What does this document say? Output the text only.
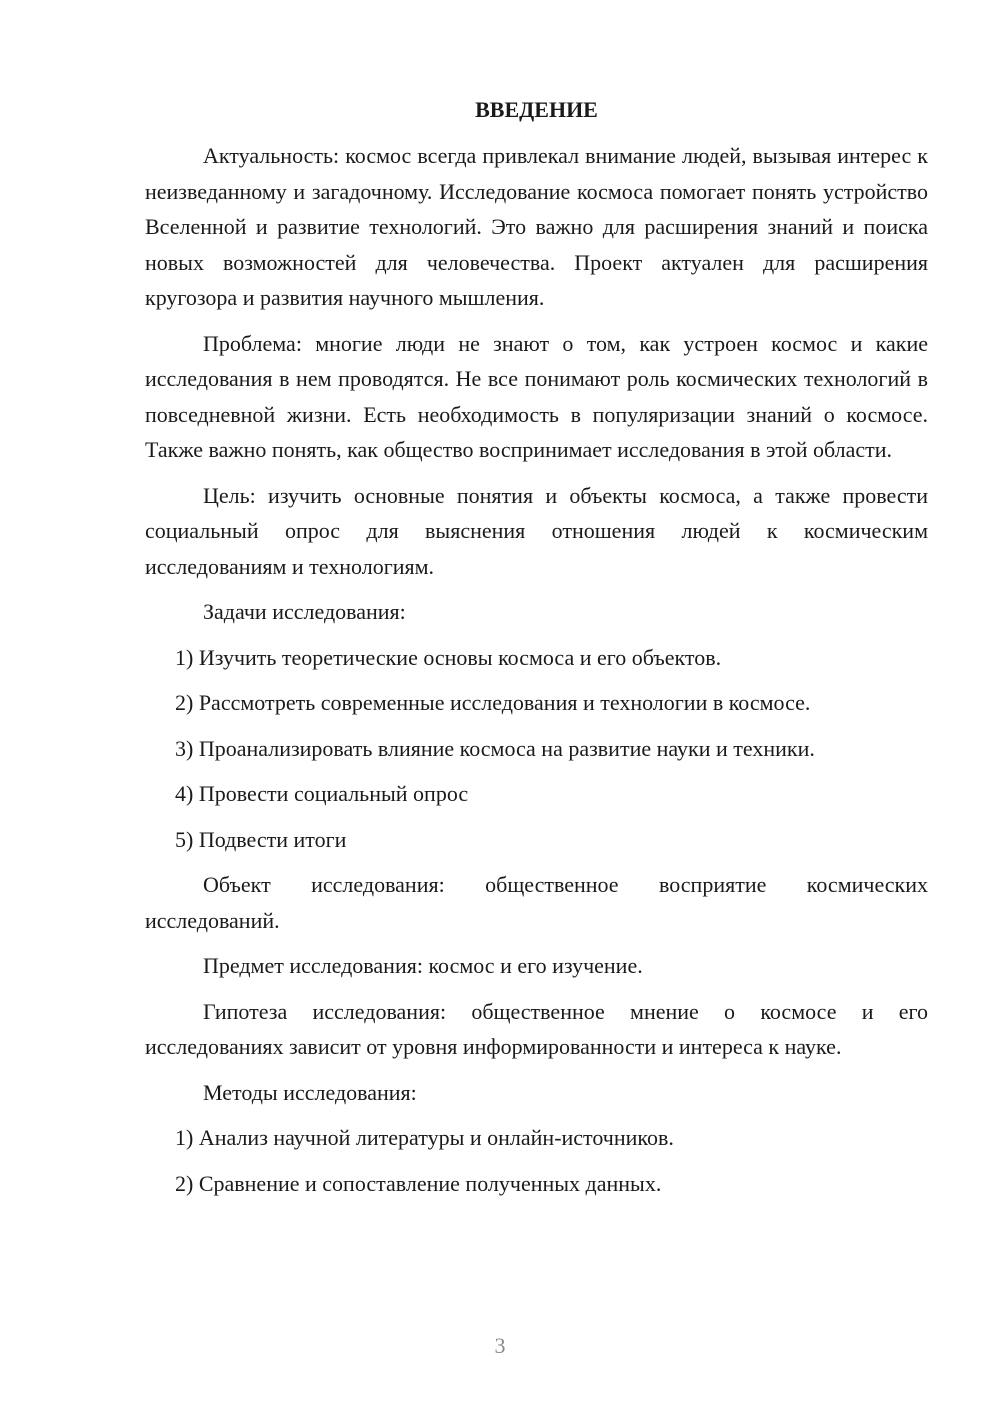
ВВЕДЕНИЕ

Актуальность: космос всегда привлекал внимание людей, вызывая интерес к неизведанному и загадочному. Исследование космоса помогает понять устройство Вселенной и развитие технологий. Это важно для расширения знаний и поиска новых возможностей для человечества. Проект актуален для расширения кругозора и развития научного мышления.

Проблема: многие люди не знают о том, как устроен космос и какие исследования в нем проводятся. Не все понимают роль космических технологий в повседневной жизни. Есть необходимость в популяризации знаний о космосе. Также важно понять, как общество воспринимает исследования в этой области.

Цель: изучить основные понятия и объекты космоса, а также провести социальный опрос для выяснения отношения людей к космическим исследованиям и технологиям.

Задачи исследования:

1) Изучить теоретические основы космоса и его объектов.
2) Рассмотреть современные исследования и технологии в космосе.
3) Проанализировать влияние космоса на развитие науки и техники.
4) Провести социальный опрос
5) Подвести итоги

Объект исследования: общественное восприятие космических исследований.

Предмет исследования: космос и его изучение.

Гипотеза исследования: общественное мнение о космосе и его исследованиях зависит от уровня информированности и интереса к науке.

Методы исследования:

1) Анализ научной литературы и онлайн-источников.
2) Сравнение и сопоставление полученных данных.
3
